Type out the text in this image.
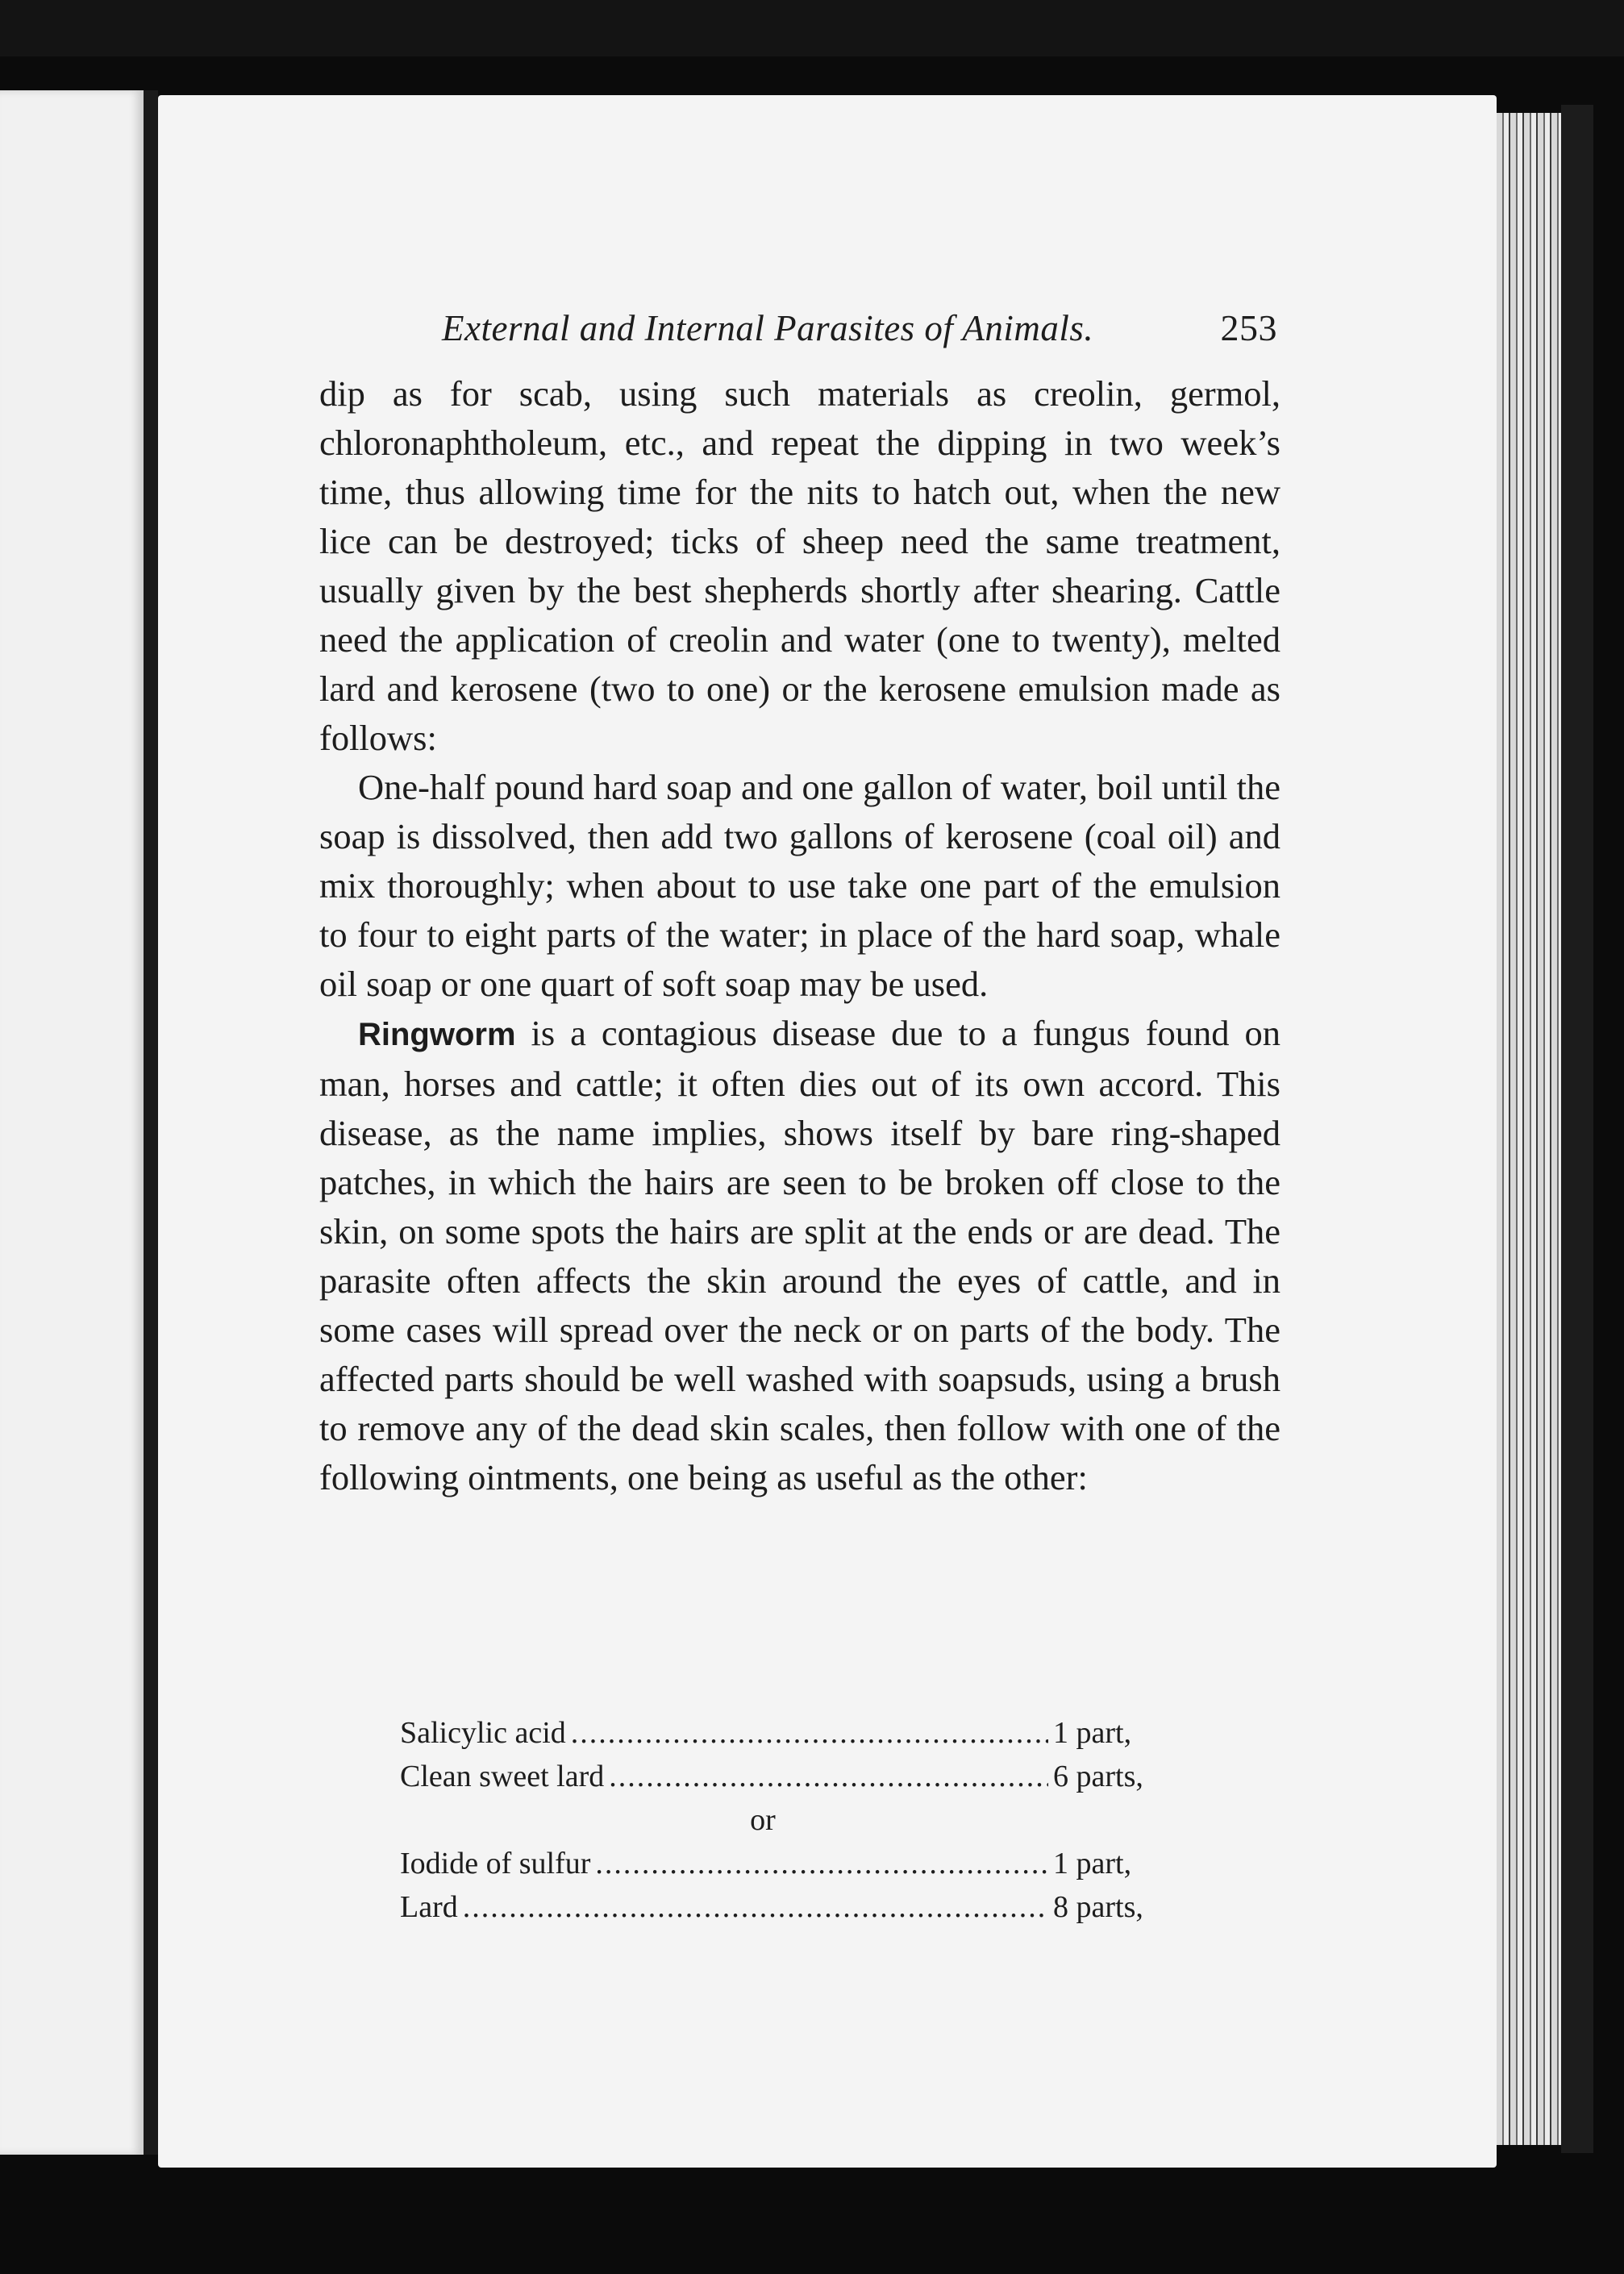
External and Internal Parasites of Animals.	253

dip as for scab, using such materials as creolin, germol, chloronaphtholeum, etc., and repeat the dipping in two week’s time, thus allowing time for the nits to hatch out, when the new lice can be destroyed; ticks of sheep need the same treatment, usually given by the best shepherds shortly after shearing. Cattle need the application of creolin and water (one to twenty), melted lard and kerosene (two to one) or the kerosene emulsion made as follows:

One-half pound hard soap and one gallon of water, boil until the soap is dissolved, then add two gallons of kerosene (coal oil) and mix thoroughly; when about to use take one part of the emulsion to four to eight parts of the water; in place of the hard soap, whale oil soap or one quart of soft soap may be used.

Ringworm is a contagious disease due to a fungus found on man, horses and cattle; it often dies out of its own accord. This disease, as the name implies, shows itself by bare ring-shaped patches, in which the hairs are seen to be broken off close to the skin, on some spots the hairs are split at the ends or are dead. The parasite often affects the skin around the eyes of cattle, and in some cases will spread over the neck or on parts of the body. The affected parts should be well washed with soapsuds, using a brush to remove any of the dead skin scales, then follow with one of the following ointments, one being as useful as the other:

Salicylic acid .....	1 part,
Clean sweet lard .....	6 parts,
or
Iodide of sulfur .....	1 part,
Lard .....	8 parts,
